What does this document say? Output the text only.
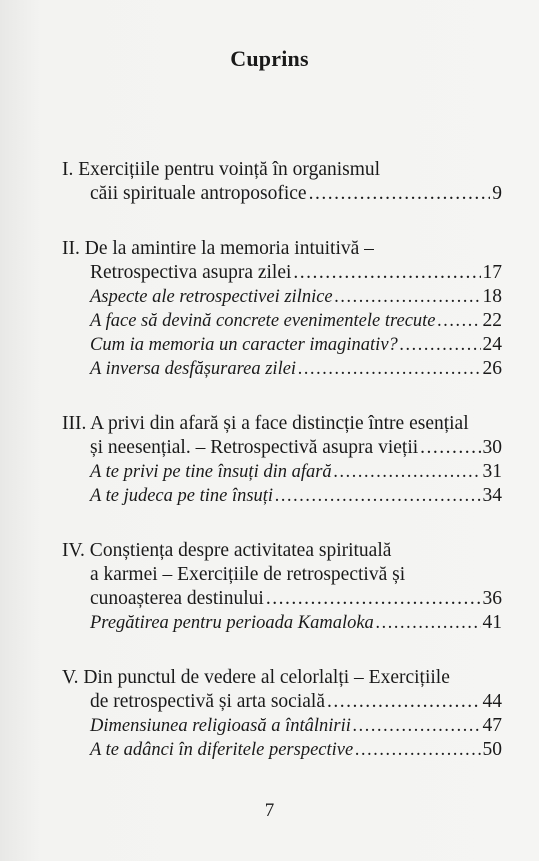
Cuprins
I. Exercițiile pentru voință în organismul
căii spirituale antroposofice .....	9
II. De la amintire la memoria intuitivă –
Retrospectiva asupra zilei .....	17
Aspecte ale retrospectivei zilnice .....	18
A face să devină concrete evenimentele trecute ..... 22
Cum ia memoria un caracter imaginativ? .....	24
A inversa desfășurarea zilei .....	26
III. A privi din afară și a face distincție între esențial
și neesențial. – Retrospectivă asupra vieții .....	30
A te privi pe tine însuți din afară .....	31
A te judeca pe tine însuți .....	34
IV. Conștiența despre activitatea spirituală
a karmei – Exercițiile de retrospectivă și
cunoașterea destinului .....	36
Pregătirea pentru perioada Kamaloka .....	41
V. Din punctul de vedere al celorlalți – Exercițiile
de retrospectivă și arta socială .....	44
Dimensiunea religioasă a întâlnirii .....	47
A te adânci în diferitele perspective .....	50
7
